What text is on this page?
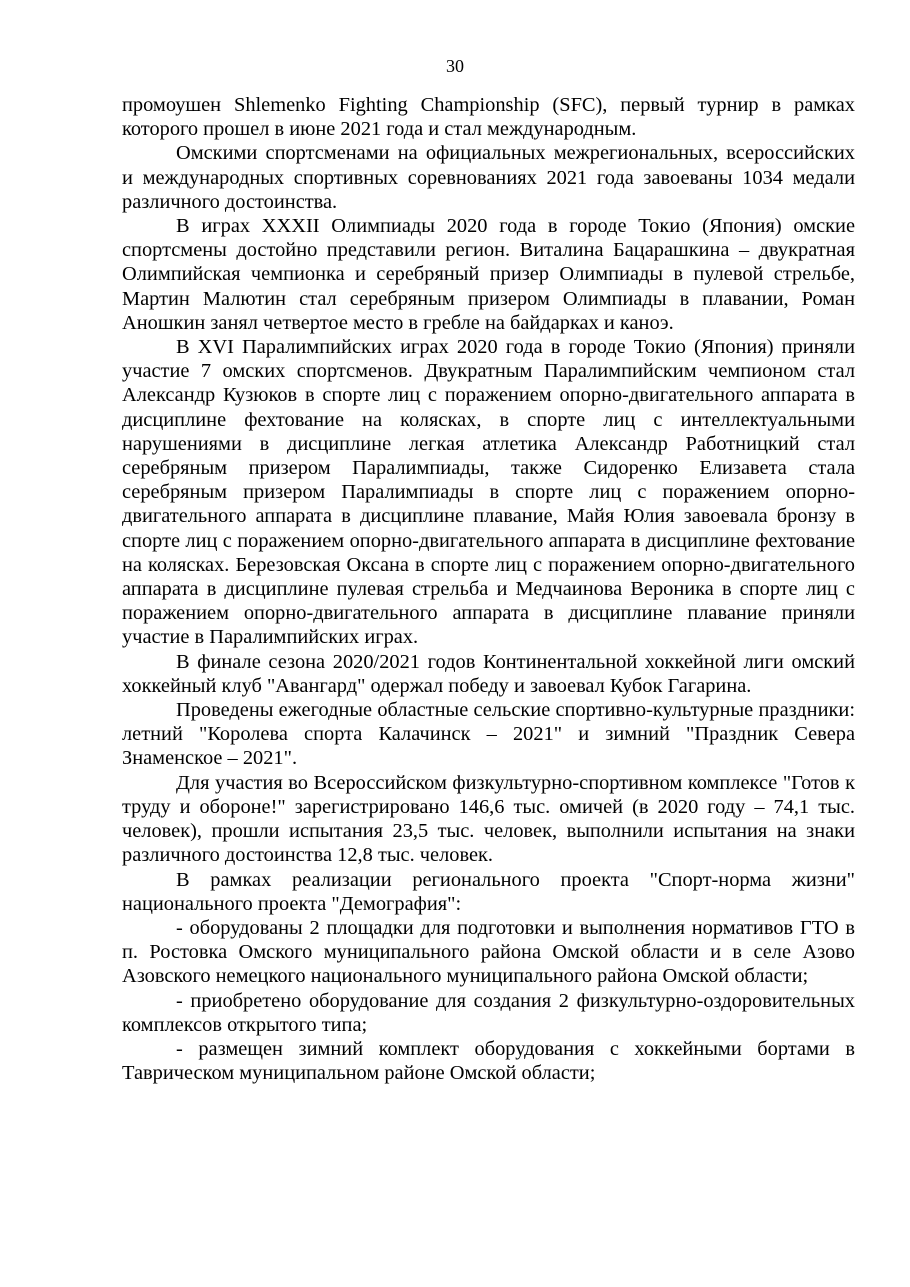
30

промоушен Shlemenko Fighting Championship (SFC), первый турнир в рамках которого прошел в июне 2021 года и стал международным.

Омскими спортсменами на официальных межрегиональных, всероссийских и международных спортивных соревнованиях 2021 года завоеваны 1034 медали различного достоинства.

В играх XXXII Олимпиады 2020 года в городе Токио (Япония) омские спортсмены достойно представили регион. Виталина Бацарашкина – двукратная Олимпийская чемпионка и серебряный призер Олимпиады в пулевой стрельбе, Мартин Малютин стал серебряным призером Олимпиады в плавании, Роман Аношкин занял четвертое место в гребле на байдарках и каноэ.

В XVI Паралимпийских играх 2020 года в городе Токио (Япония) приняли участие 7 омских спортсменов. Двукратным Паралимпийским чемпионом стал Александр Кузюков в спорте лиц с поражением опорно-двигательного аппарата в дисциплине фехтование на колясках, в спорте лиц с интеллектуальными нарушениями в дисциплине легкая атлетика Александр Работницкий стал серебряным призером Паралимпиады, также Сидоренко Елизавета стала серебряным призером Паралимпиады в спорте лиц с поражением опорно-двигательного аппарата в дисциплине плавание, Майя Юлия завоевала бронзу в спорте лиц с поражением опорно-двигательного аппарата в дисциплине фехтование на колясках. Березовская Оксана в спорте лиц с поражением опорно-двигательного аппарата в дисциплине пулевая стрельба и Медчаинова Вероника в спорте лиц с поражением опорно-двигательного аппарата в дисциплине плавание приняли участие в Паралимпийских играх.

В финале сезона 2020/2021 годов Континентальной хоккейной лиги омский хоккейный клуб "Авангард" одержал победу и завоевал Кубок Гагарина.

Проведены ежегодные областные сельские спортивно-культурные праздники: летний "Королева спорта Калачинск – 2021" и зимний "Праздник Севера Знаменское – 2021".

Для участия во Всероссийском физкультурно-спортивном комплексе "Готов к труду и обороне!" зарегистрировано 146,6 тыс. омичей (в 2020 году – 74,1 тыс. человек), прошли испытания 23,5 тыс. человек, выполнили испытания на знаки различного достоинства 12,8 тыс. человек.

В рамках реализации регионального проекта "Спорт-норма жизни" национального проекта "Демография":

- оборудованы 2 площадки для подготовки и выполнения нормативов ГТО в п. Ростовка Омского муниципального района Омской области и в селе Азово Азовского немецкого национального муниципального района Омской области;

- приобретено оборудование для создания 2 физкультурно-оздоровительных комплексов открытого типа;

- размещен зимний комплект оборудования с хоккейными бортами в Таврическом муниципальном районе Омской области;
